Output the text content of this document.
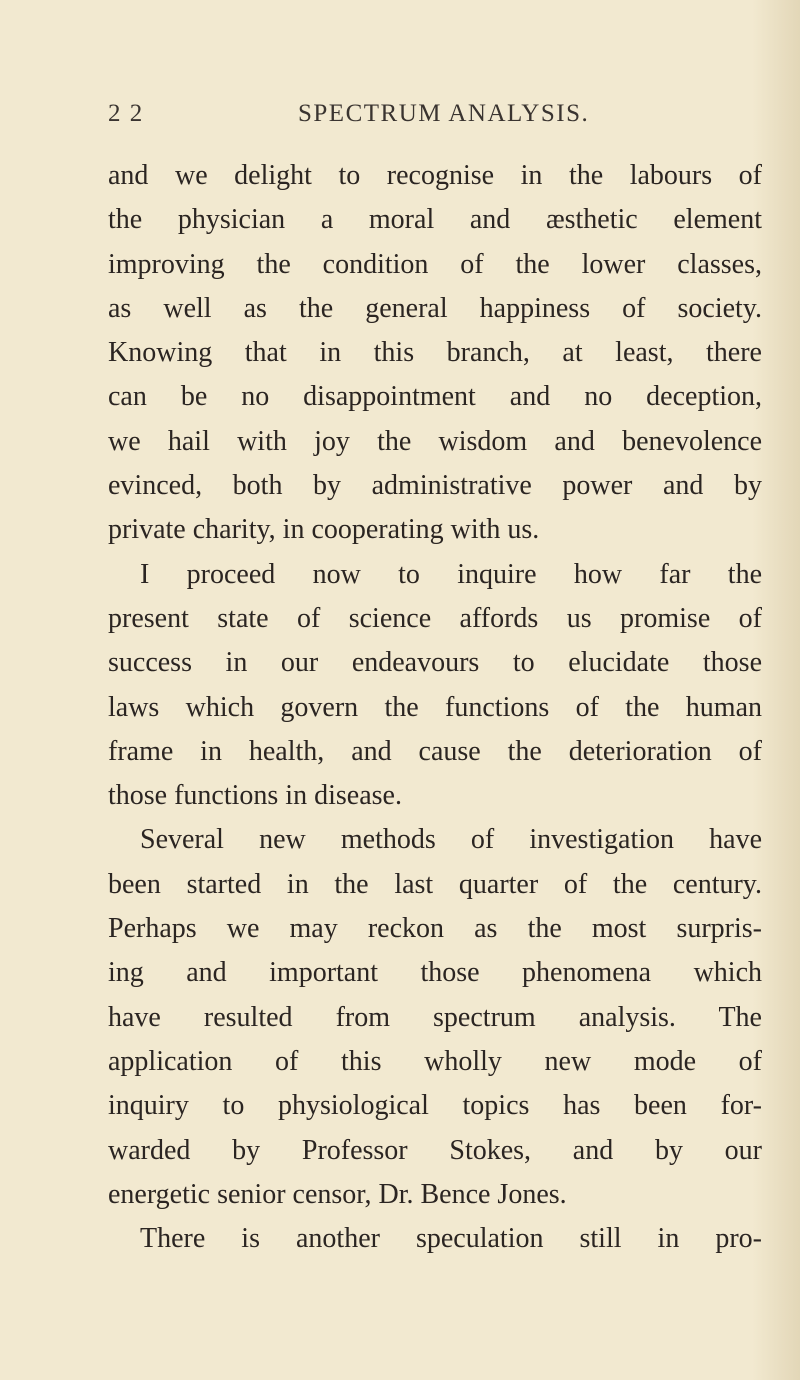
2 2	SPECTRUM ANALYSIS.
and we delight to recognise in the labours of
the physician a moral and æsthetic element
improving the condition of the lower classes,
as well as the general happiness of society.
Knowing that in this branch, at least, there
can be no disappointment and no deception,
we hail with joy the wisdom and benevolence
evinced, both by administrative power and by
private charity, in cooperating with us.
I proceed now to inquire how far the
present state of science affords us promise of
success in our endeavours to elucidate those
laws which govern the functions of the human
frame in health, and cause the deterioration of
those functions in disease.
Several new methods of investigation have
been started in the last quarter of the century.
Perhaps we may reckon as the most surpris-
ing and important those phenomena which
have resulted from spectrum analysis. The
application of this wholly new mode of
inquiry to physiological topics has been for-
warded by Professor Stokes, and by our
energetic senior censor, Dr. Bence Jones.
There is another speculation still in pro-
